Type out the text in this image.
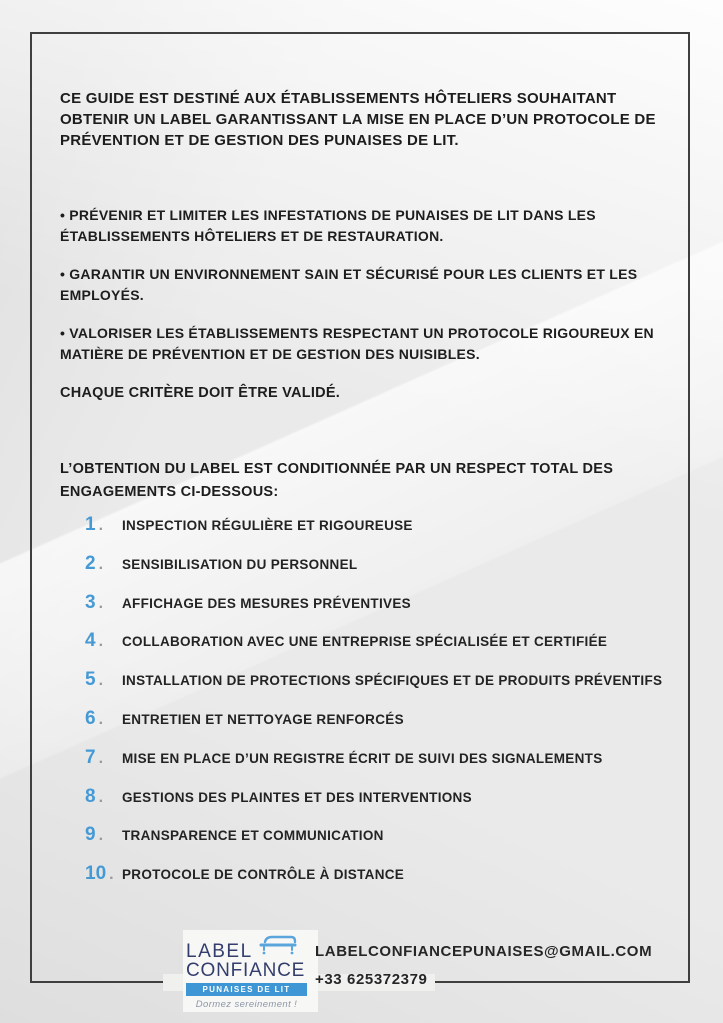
CE GUIDE EST DESTINÉ AUX ÉTABLISSEMENTS HÔTELIERS SOUHAITANT OBTENIR UN LABEL GARANTISSANT LA MISE EN PLACE D’UN PROTOCOLE DE PRÉVENTION ET DE GESTION DES PUNAISES DE LIT.

• PRÉVENIR ET LIMITER LES INFESTATIONS DE PUNAISES DE LIT DANS LES ÉTABLISSEMENTS HÔTELIERS ET DE RESTAURATION.

• GARANTIR UN ENVIRONNEMENT SAIN ET SÉCURISÉ POUR LES CLIENTS ET LES EMPLOYÉS.

• VALORISER LES ÉTABLISSEMENTS RESPECTANT UN PROTOCOLE RIGOUREUX EN MATIÈRE DE PRÉVENTION ET DE GESTION DES NUISIBLES.

CHAQUE CRITÈRE DOIT ÊTRE VALIDÉ.
L’OBTENTION DU LABEL EST CONDITIONNÉE PAR UN RESPECT TOTAL DES ENGAGEMENTS CI-DESSOUS:
1 . INSPECTION RÉGULIÈRE ET RIGOUREUSE
2 . SENSIBILISATION DU PERSONNEL
3 . AFFICHAGE DES MESURES PRÉVENTIVES
4 . COLLABORATION AVEC UNE ENTREPRISE SPÉCIALISÉE ET CERTIFIÉE
5 . INSTALLATION DE PROTECTIONS SPÉCIFIQUES ET DE PRODUITS PRÉVENTIFS
6 . ENTRETIEN ET NETTOYAGE RENFORCÉS
7 . MISE EN PLACE D’UN REGISTRE ÉCRIT DE SUIVI DES SIGNALEMENTS
8 . GESTIONS DES PLAINTES ET DES INTERVENTIONS
9 . TRANSPARENCE ET COMMUNICATION
10 . PROTOCOLE DE CONTRÔLE À DISTANCE
LABEL
CONFIANCE
PUNAISES DE LIT
Dormez sereinement !
LABELCONFIANCEPUNAISES@GMAIL.COM
+33 625372379
